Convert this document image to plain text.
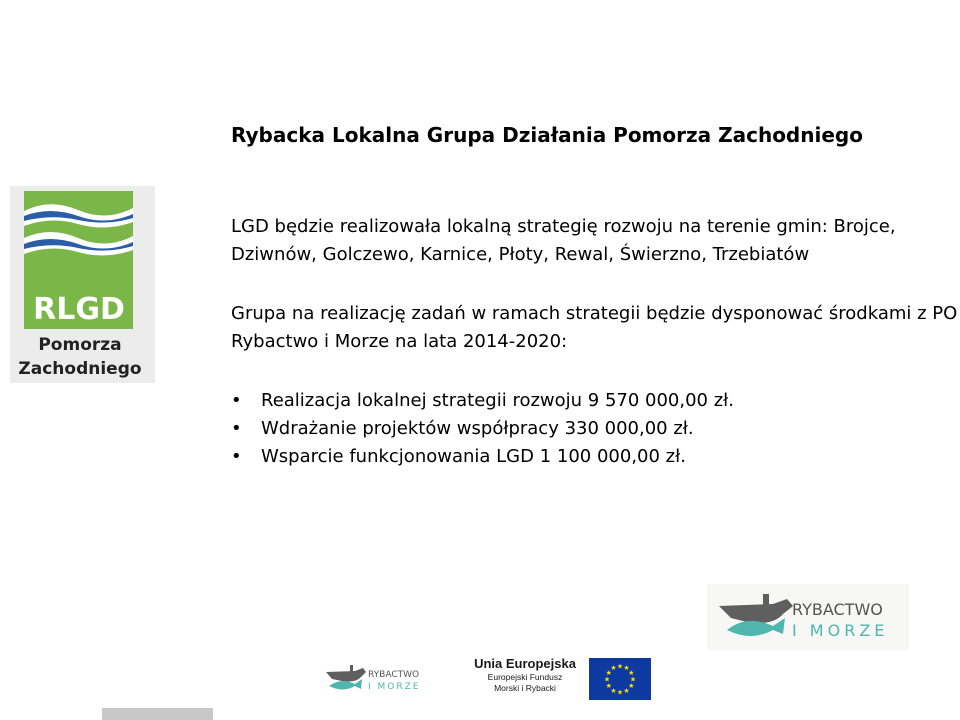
Rybacka Lokalna Grupa Działania Pomorza Zachodniego
LGD będzie realizowała lokalną strategię rozwoju na terenie gmin: Brojce, Dziwnów, Golczewo, Karnice, Płoty, Rewal, Świerzno, Trzebiatów
Grupa na realizację zadań w ramach strategii będzie dysponować środkami z PO Rybactwo i Morze na lata 2014-2020:
• Realizacja lokalnej strategii rozwoju 9 570 000,00 zł.
• Wdrażanie projektów współpracy 330 000,00 zł.
• Wsparcie funkcjonowania LGD 1 100 000,00 zł.
RLGD
Pomorza
Zachodniego
RYBACTWO
I MORZE
RYBACTWO
I MORZE
Unia Europejska
Europejski Fundusz
Morski i Rybacki
★ ★
★
★
★
★
★
★
★
★
★
★
